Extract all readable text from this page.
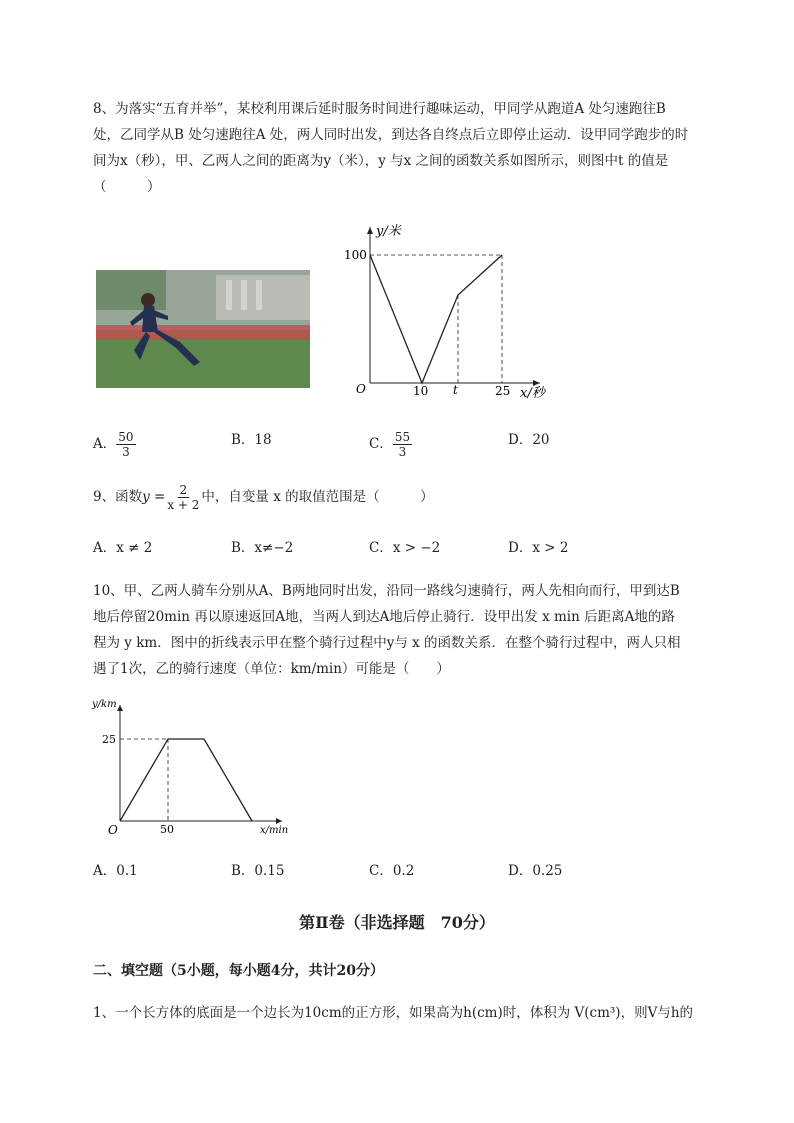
8、为落实“五育并举”，某校利用课后延时服务时间进行趣味运动，甲同学从跑道A 处匀速跑往B
处，乙同学从B 处匀速跑往A 处，两人同时出发，到达各自终点后立即停止运动．设甲同学跑步的时
间为x（秒），甲、乙两人之间的距离为y（米），y 与x 之间的函数关系如图所示，则图中t 的值是
（　　　）
y/米
100
O	10 t	25 x/秒
A． $\frac{50}{3}$	B．18	C． $\frac{55}{3}$	D．20
9、函数$y = \frac{2}{x + 2}$ 中，自变量 x 的取值范围是（　　　）
A．x ≠ 2	B．x≠−2	C．x > −2	D．x > 2
10、甲、乙两人骑车分别从A、B两地同时出发，沿同一路线匀速骑行，两人先相向而行，甲到达B
地后停留20min 再以原速返回A地，当两人到达A地后停止骑行．设甲出发 x min 后距离A地的路
程为 y km．图中的折线表示甲在整个骑行过程中y与 x 的函数关系．在整个骑行过程中，两人只相
遇了1次，乙的骑行速度（单位：km/min）可能是（　　）
y/km
25
O	50	x/min
A．0.1	B．0.15	C．0.2	D．0.25
第Ⅱ卷（非选择题　70分）
二、填空题（5小题，每小题4分，共计20分）
1、一个长方体的底面是一个边长为10cm的正方形，如果高为h(cm)时，体积为 V(cm³)，则V与h的
